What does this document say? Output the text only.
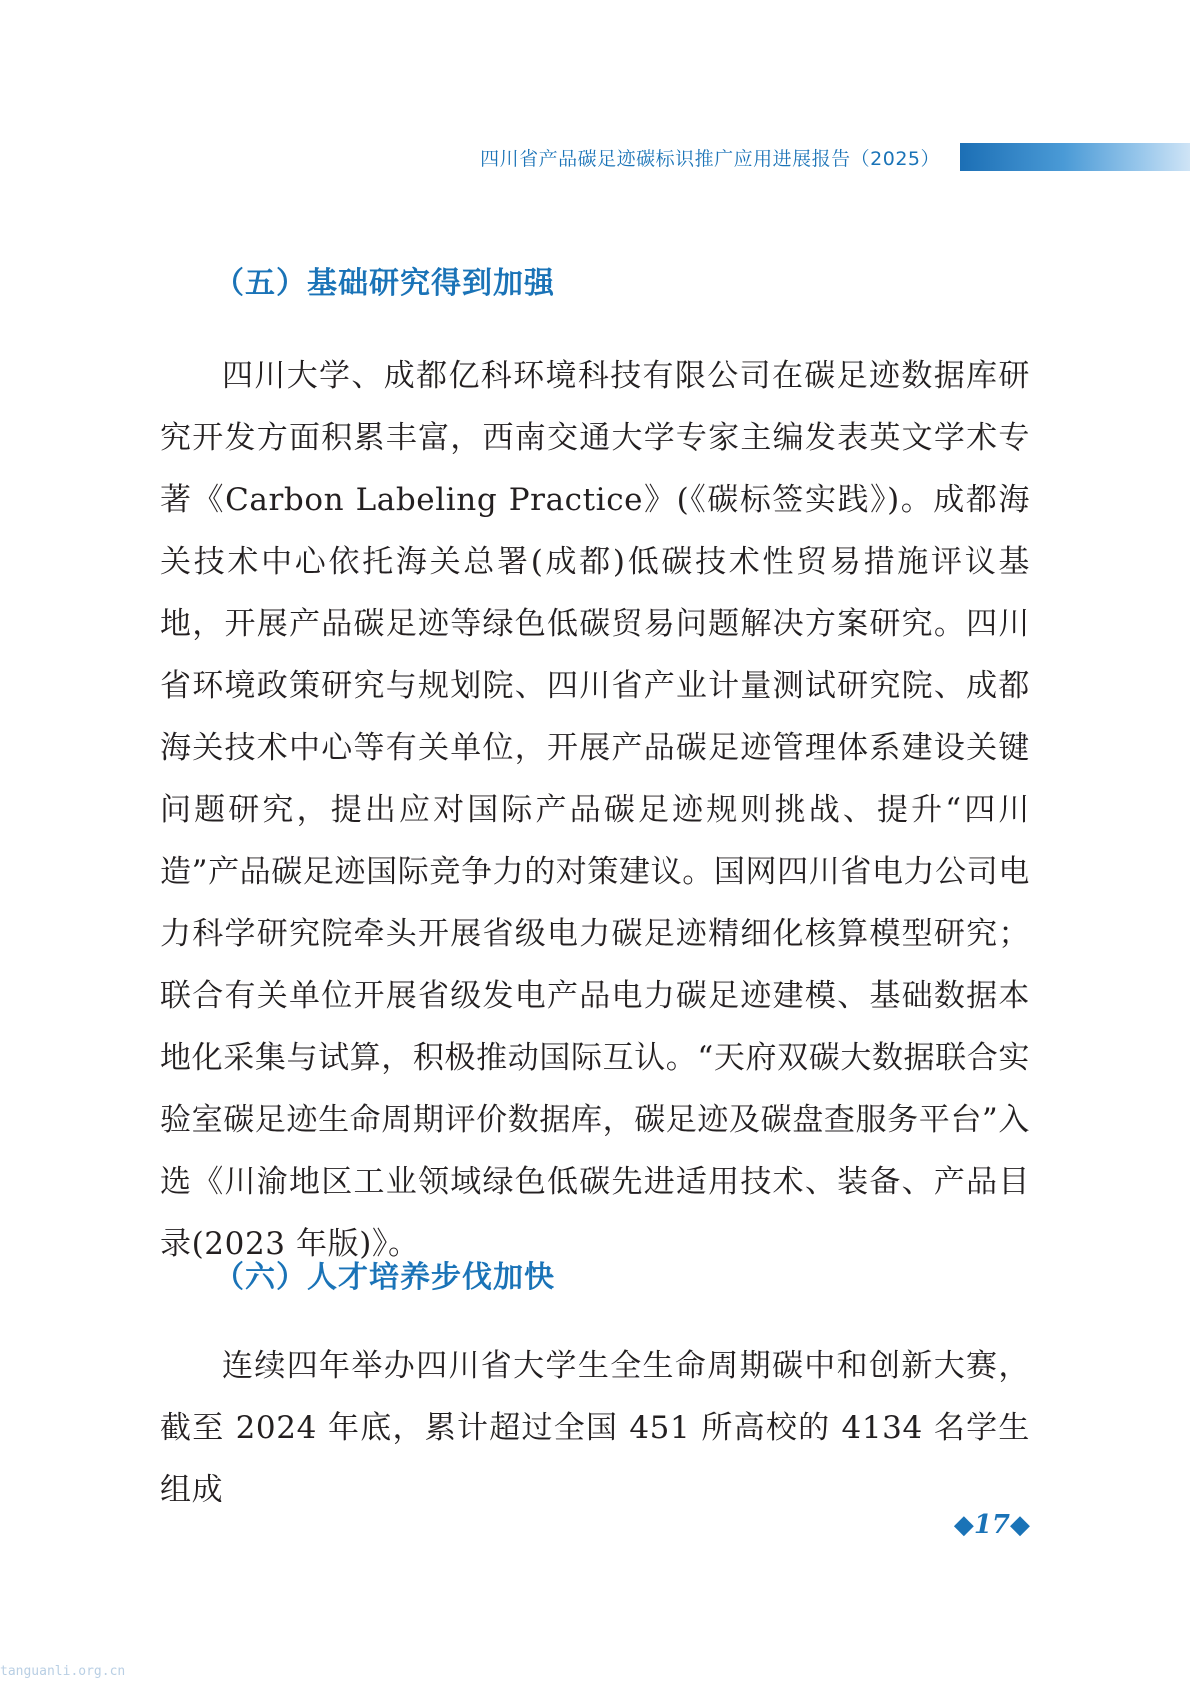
四川省产品碳足迹碳标识推广应用进展报告（2025）
（五）基础研究得到加强

四川大学、成都亿科环境科技有限公司在碳足迹数据库研究开发方面积累丰富，西南交通大学专家主编发表英文学术专著《Carbon Labeling Practice》(《碳标签实践》)。成都海关技术中心依托海关总署(成都)低碳技术性贸易措施评议基地，开展产品碳足迹等绿色低碳贸易问题解决方案研究。四川省环境政策研究与规划院、四川省产业计量测试研究院、成都海关技术中心等有关单位，开展产品碳足迹管理体系建设关键问题研究，提出应对国际产品碳足迹规则挑战、提升“四川造”产品碳足迹国际竞争力的对策建议。国网四川省电力公司电力科学研究院牵头开展省级电力碳足迹精细化核算模型研究；联合有关单位开展省级发电产品电力碳足迹建模、基础数据本地化采集与试算，积极推动国际互认。“天府双碳大数据联合实验室碳足迹生命周期评价数据库，碳足迹及碳盘查服务平台”入选《川渝地区工业领域绿色低碳先进适用技术、装备、产品目录(2023 年版)》。

（六）人才培养步伐加快

连续四年举办四川省大学生全生命周期碳中和创新大赛，截至 2024 年底，累计超过全国 451 所高校的 4134 名学生组成

◆17◆
tanguanli.org.cn
